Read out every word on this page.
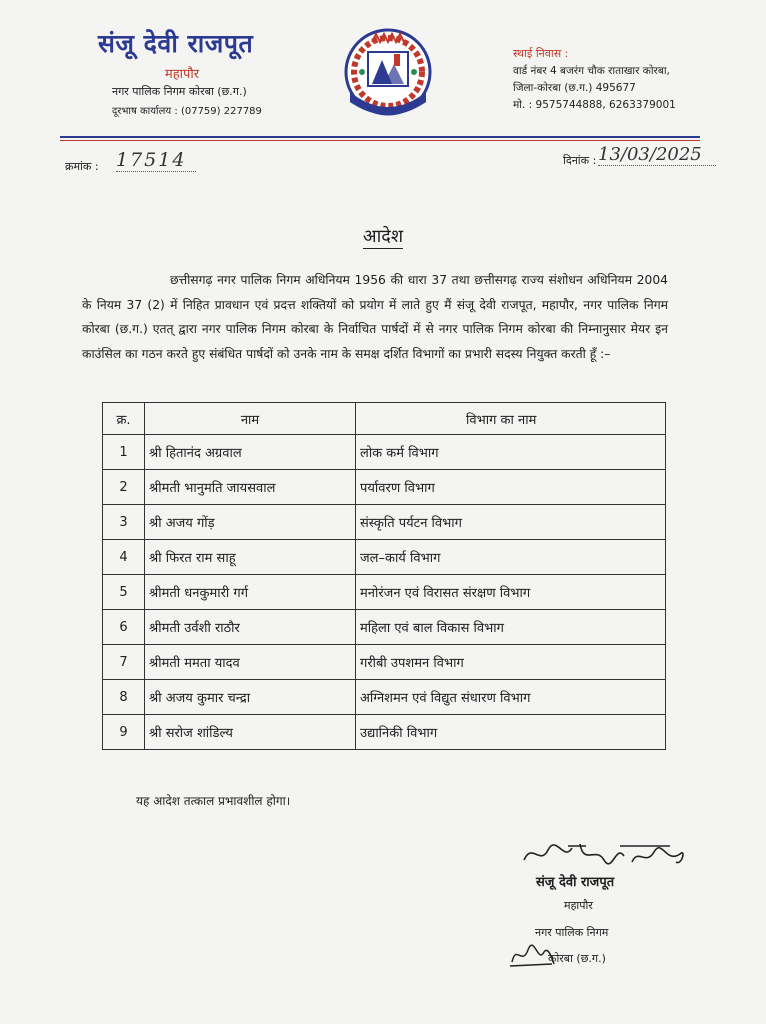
संजू देवी राजपूत
महापौर
नगर पालिक निगम कोरबा (छ.ग.)
दूरभाष कार्यालय : (07759) 227789
स्थाई निवास :
वार्ड नंबर 4 बजरंग चौक राताखार कोरबा,
जिला-कोरबा (छ.ग.) 495677
मो. : 9575744888, 6263379001
क्रमांक : 17514	दिनांक : 13/03/2025
आदेश
छत्तीसगढ़ नगर पालिक निगम अधिनियम 1956 की धारा 37 तथा छत्तीसगढ़ राज्य संशोधन अधिनियम 2004 के नियम 37 (2) में निहित प्रावधान एवं प्रदत्त शक्तियों को प्रयोग में लाते हुए मैं संजू देवी राजपूत, महापौर, नगर पालिक निगम कोरबा (छ.ग.) एतत् द्वारा नगर पालिक निगम कोरबा के निर्वाचित पार्षदों में से नगर पालिक निगम कोरबा की निम्नानुसार मेयर इन काउंसिल का गठन करते हुए संबंधित पार्षदों को उनके नाम के समक्ष दर्शित विभागों का प्रभारी सदस्य नियुक्त करती हूँ :–
क्र.	नाम	विभाग का नाम
1	श्री हितानंद अग्रवाल	लोक कर्म विभाग
2	श्रीमती भानुमति जायसवाल	पर्यावरण विभाग
3	श्री अजय गोंड़	संस्कृति पर्यटन विभाग
4	श्री फिरत राम साहू	जल–कार्य विभाग
5	श्रीमती धनकुमारी गर्ग	मनोरंजन एवं विरासत संरक्षण विभाग
6	श्रीमती उर्वशी राठौर	महिला एवं बाल विकास विभाग
7	श्रीमती ममता यादव	गरीबी उपशमन विभाग
8	श्री अजय कुमार चन्द्रा	अग्निशमन एवं विद्युत संधारण विभाग
9	श्री सरोज शांडिल्य	उद्यानिकी विभाग
यह आदेश तत्काल प्रभावशील होगा।
संजू देवी राजपूत
महापौर
नगर पालिक निगम
कोरबा (छ.ग.)
